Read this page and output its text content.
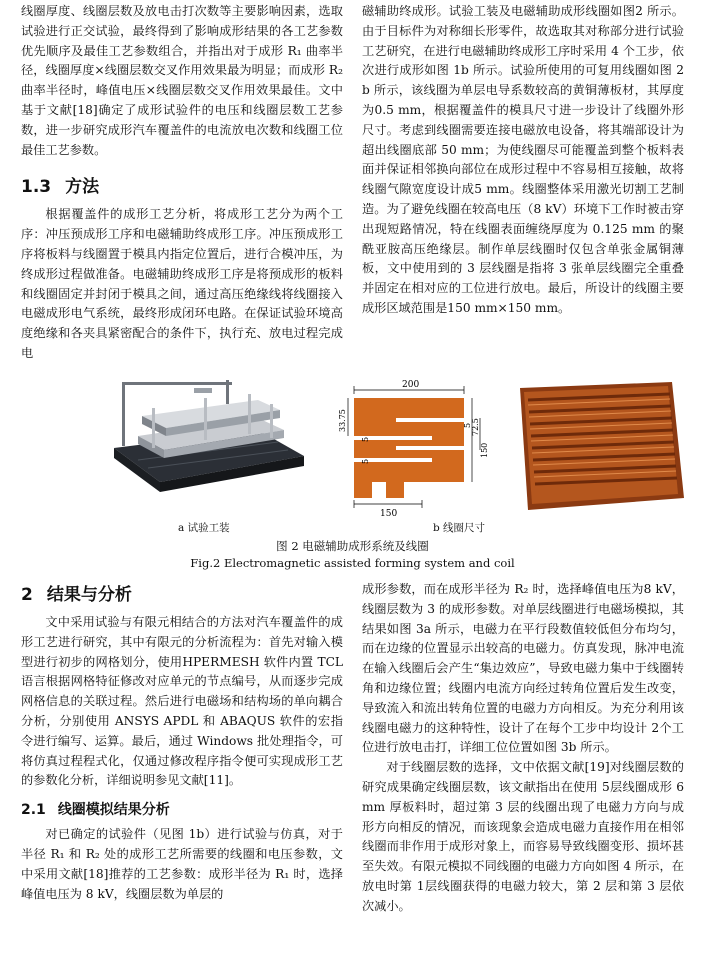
线圈厚度、线圈层数及放电击打次数等主要影响因素，选取试验进行正交试验，最终得到了影响成形结果的各工艺参数优先顺序及最佳工艺参数组合，并指出对于成形 R₁ 曲率半径，线圈厚度×线圈层数交叉作用效果最为明显；而成形 R₂ 曲率半径时，峰值电压×线圈层数交叉作用效果最佳。文中基于文献[18]确定了成形试验件的电压和线圈层数工艺参数，进一步研究成形汽车覆盖件的电流放电次数和线圈工位最佳工艺参数。

1.3 方法

根据覆盖件的成形工艺分析，将成形工艺分为两个工序：冲压预成形工序和电磁辅助终成形工序。冲压预成形工序将板料与线圈置于模具内指定位置后，进行合模冲压，为终成形过程做准备。电磁辅助终成形工序是将预成形的板料和线圈固定并封闭于模具之间，通过高压绝缘线将线圈接入电磁成形电气系统，最终形成闭环电路。在保证试验环境高度绝缘和各夹具紧密配合的条件下，执行充、放电过程完成电

磁辅助终成形。试验工装及电磁辅助成形线圈如图2 所示。由于目标件为对称细长形零件，故选取其对称部分进行试验工艺研究，在进行电磁辅助终成形工序时采用 4 个工步，依次进行成形如图 1b 所示。试验所使用的可复用线圈如图 2b 所示，该线圈为单层电导系数较高的黄铜薄板材，其厚度为0.5 mm，根据覆盖件的模具尺寸进一步设计了线圈外形尺寸。考虑到线圈需要连接电磁放电设备，将其端部设计为超出线圈底部 50 mm；为使线圈尽可能覆盖到整个板料表面并保证相邻换向部位在成形过程中不容易相互接触，故将线圈气隙宽度设计成5 mm。线圈整体采用激光切割工艺制造。为了避免线圈在较高电压（8 kV）环境下工作时被击穿出现短路情况，特在线圈表面缠绕厚度为 0.125 mm 的聚酰亚胺高压绝缘层。制作单层线圈时仅包含单张金属铜薄板，文中使用到的 3 层线圈是指将 3 张单层线圈完全重叠并固定在相对应的工位进行放电。最后，所设计的线圈主要成形区域范围是150 mm×150 mm。

200
150
33.75
5
5
72.5
5
150
a 试验工装	b 线圈尺寸
图 2 电磁辅助成形系统及线圈
Fig.2 Electromagnetic assisted forming system and coil
2 结果与分析

文中采用试验与有限元相结合的方法对汽车覆盖件的成形工艺进行研究，其中有限元的分析流程为：首先对输入模型进行初步的网格划分，使用HPERMESH 软件内置 TCL 语言根据网格特征修改对应单元的节点编号，从而逐步完成网格信息的关联过程。然后进行电磁场和结构场的单向耦合分析，分别使用 ANSYS APDL 和 ABAQUS 软件的宏指令进行编写、运算。最后，通过 Windows 批处理指令，可将仿真过程程式化，仅通过修改程序指令便可实现成形工艺的参数化分析，详细说明参见文献[11]。

2.1 线圈模拟结果分析

对已确定的试验件（见图 1b）进行试验与仿真，对于半径 R₁ 和 R₂ 处的成形工艺所需要的线圈和电压参数，文中采用文献[18]推荐的工艺参数：成形半径为 R₁ 时，选择峰值电压为 8 kV，线圈层数为单层的

成形参数，而在成形半径为 R₂ 时，选择峰值电压为8 kV，线圈层数为 3 的成形参数。对单层线圈进行电磁场模拟，其结果如图 3a 所示，电磁力在平行段数值较低但分布均匀，而在边缘的位置显示出较高的电磁力。仿真发现，脉冲电流在输入线圈后会产生“集边效应”，导致电磁力集中于线圈转角和边缘位置；线圈内电流方向经过转角位置后发生改变，导致流入和流出转角位置的电磁力方向相反。为充分利用该线圈电磁力的这种特性，设计了在每个工步中均设计 2个工位进行放电击打，详细工位位置如图 3b 所示。

对于线圈层数的选择，文中依据文献[19]对线圈层数的研究成果确定线圈层数，该文献指出在使用 5层线圈成形 6 mm 厚板料时，超过第 3 层的线圈出现了电磁力方向与成形方向相反的情况，而该现象会造成电磁力直接作用在相邻线圈而非作用于成形对象上，而容易导致线圈变形、损坏甚至失效。有限元模拟不同线圈的电磁力方向如图 4 所示，在放电时第 1层线圈获得的电磁力较大，第 2 层和第 3 层依次减小。
